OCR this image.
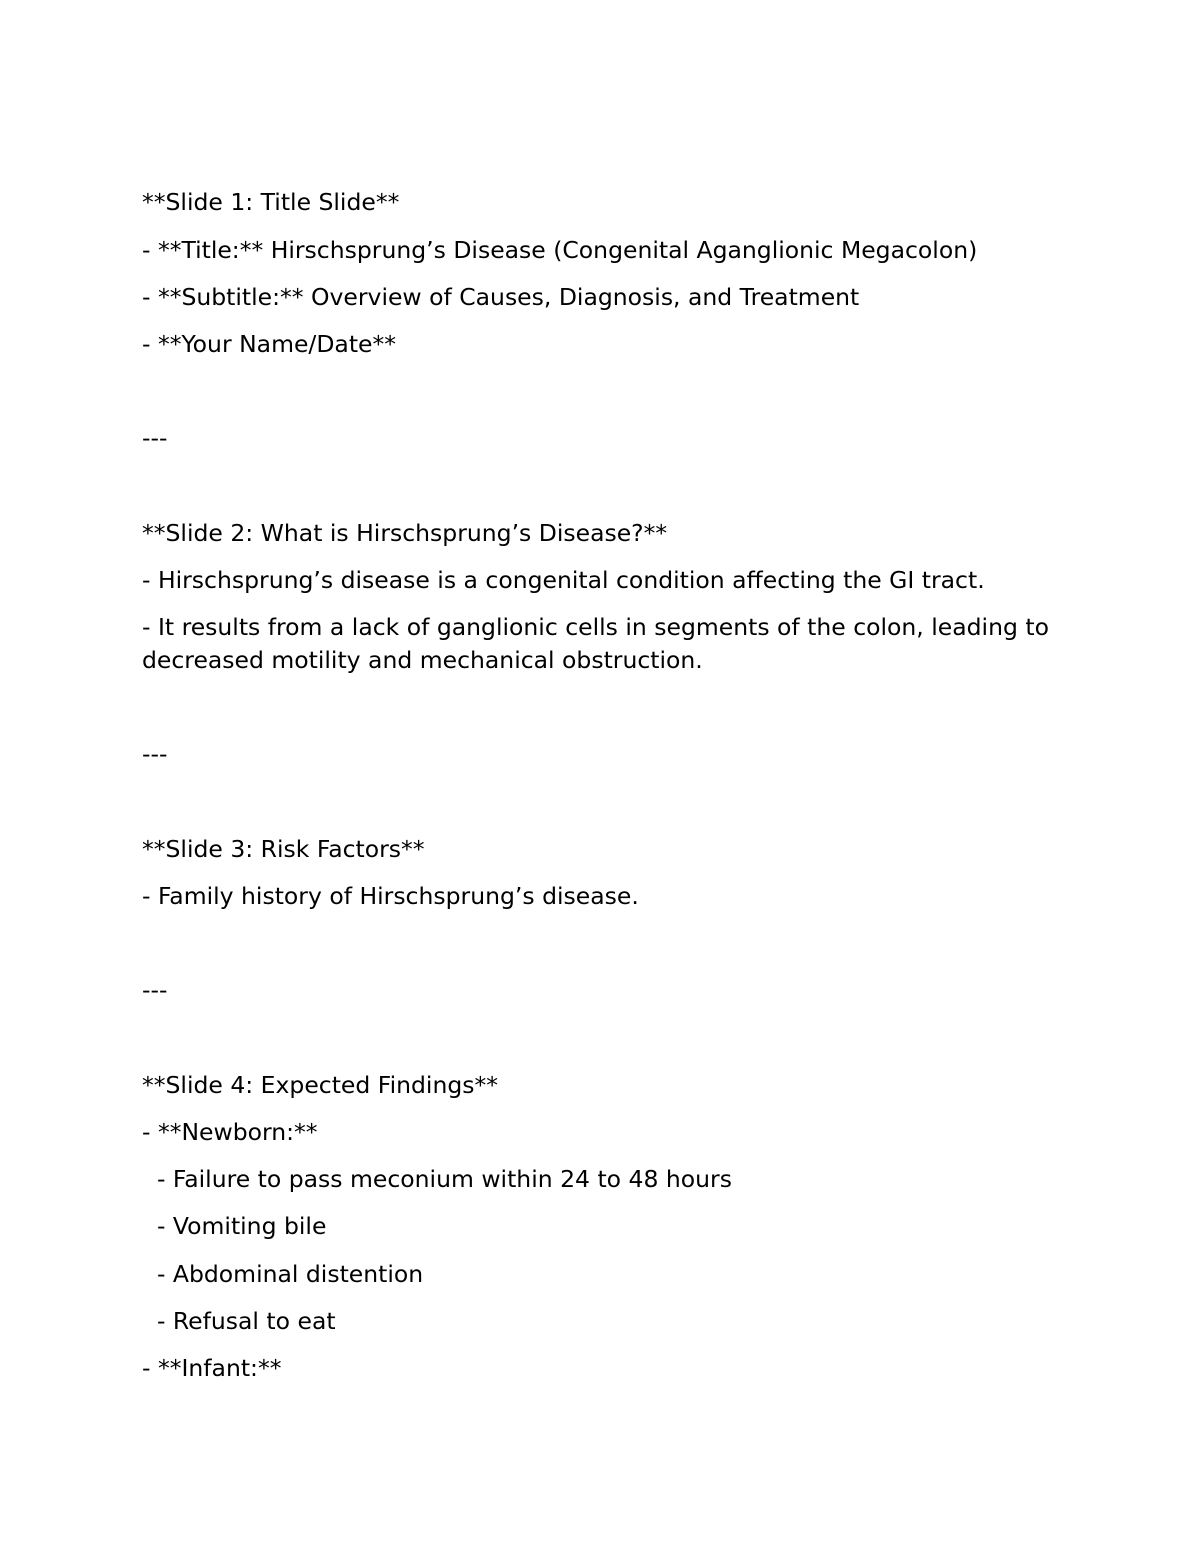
**Slide 1: Title Slide**

- **Title:** Hirschsprung’s Disease (Congenital Aganglionic Megacolon)

- **Subtitle:** Overview of Causes, Diagnosis, and Treatment

- **Your Name/Date**

---

**Slide 2: What is Hirschsprung’s Disease?**

- Hirschsprung’s disease is a congenital condition affecting the GI tract.

- It results from a lack of ganglionic cells in segments of the colon, leading to

decreased motility and mechanical obstruction.

---

**Slide 3: Risk Factors**

- Family history of Hirschsprung’s disease.

---

**Slide 4: Expected Findings**

- **Newborn:**

- Failure to pass meconium within 24 to 48 hours

- Vomiting bile

- Abdominal distention

- Refusal to eat

- **Infant:**
